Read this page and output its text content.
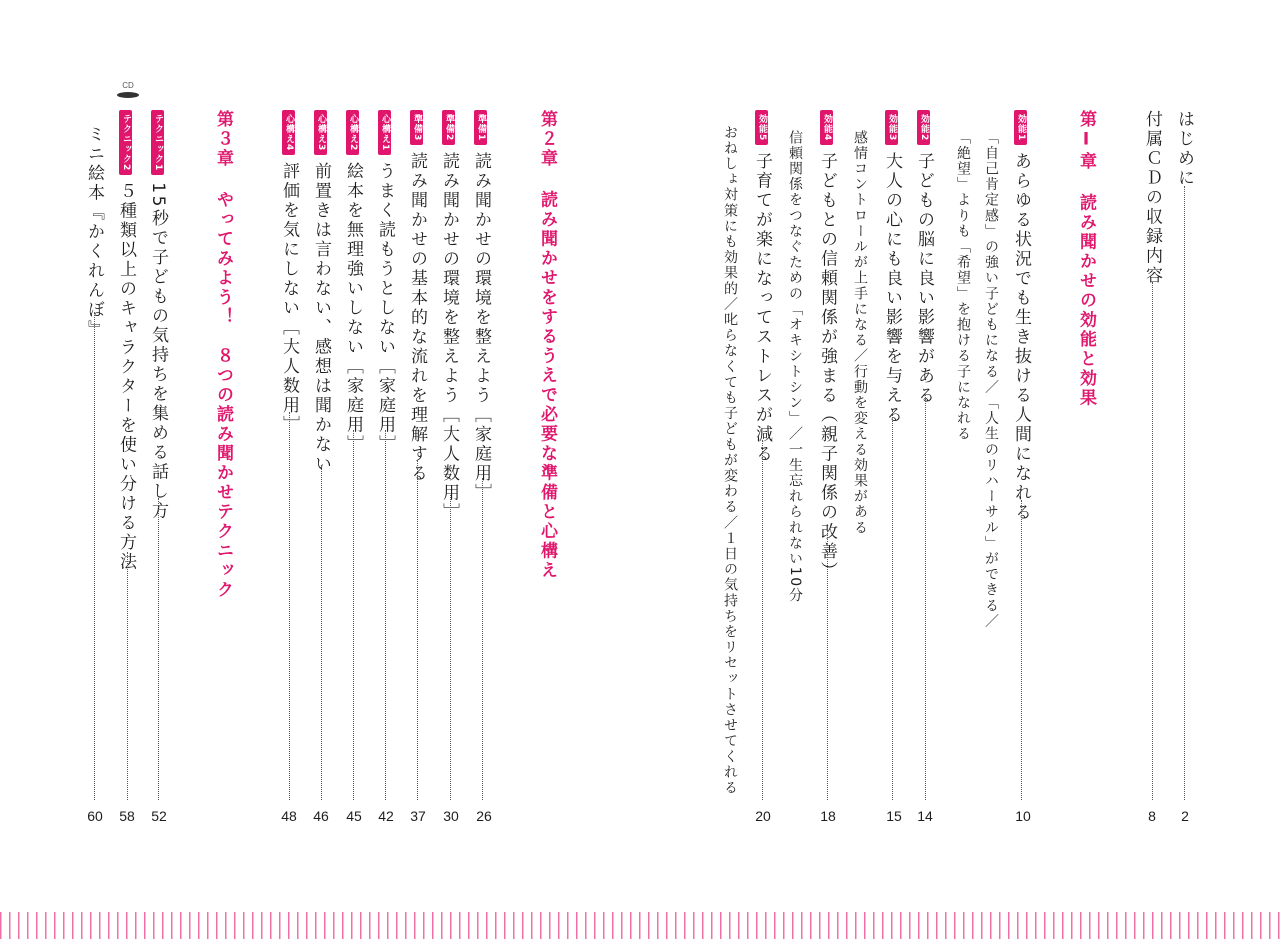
はじめに
2
付属ＣＤの収録内容
8
第Ⅰ章読み聞かせの効能と効果
効能1あらゆる状況でも生き抜ける人間になれる
10
「自己肯定感」の強い子どもになる／「人生のリハーサル」ができる／
「絶望」よりも「希望」を抱ける子になれる
効能2子どもの脳に良い影響がある
14
効能3大人の心にも良い影響を与える
15
感情コントロールが上手になる／行動を変える効果がある
効能4子どもとの信頼関係が強まる（親子関係の改善）
18
信頼関係をつなぐための「オキシトシン」／一生忘れられない10分
効能5子育てが楽になってストレスが減る
20
おねしょ対策にも効果的／叱らなくても子どもが変わる／１日の気持ちをリセットさせてくれる
第２章読み聞かせをするうえで必要な準備と心構え
準備1読み聞かせの環境を整えよう［家庭用］
26
準備2読み聞かせの環境を整えよう［大人数用］
30
準備3読み聞かせの基本的な流れを理解する
37
心構え1うまく読もうとしない［家庭用］
42
心構え2絵本を無理強いしない［家庭用］
45
心構え3前置きは言わない、感想は聞かない
46
心構え4評価を気にしない［大人数用］
48
第３章やってみよう！　８つの読み聞かせテクニック
テクニック115秒で子どもの気持ちを集める話し方
52
テクニック2５種類以上のキャラクターを使い分ける方法
58
CD
ミニ絵本『かくれんぼ』
60
